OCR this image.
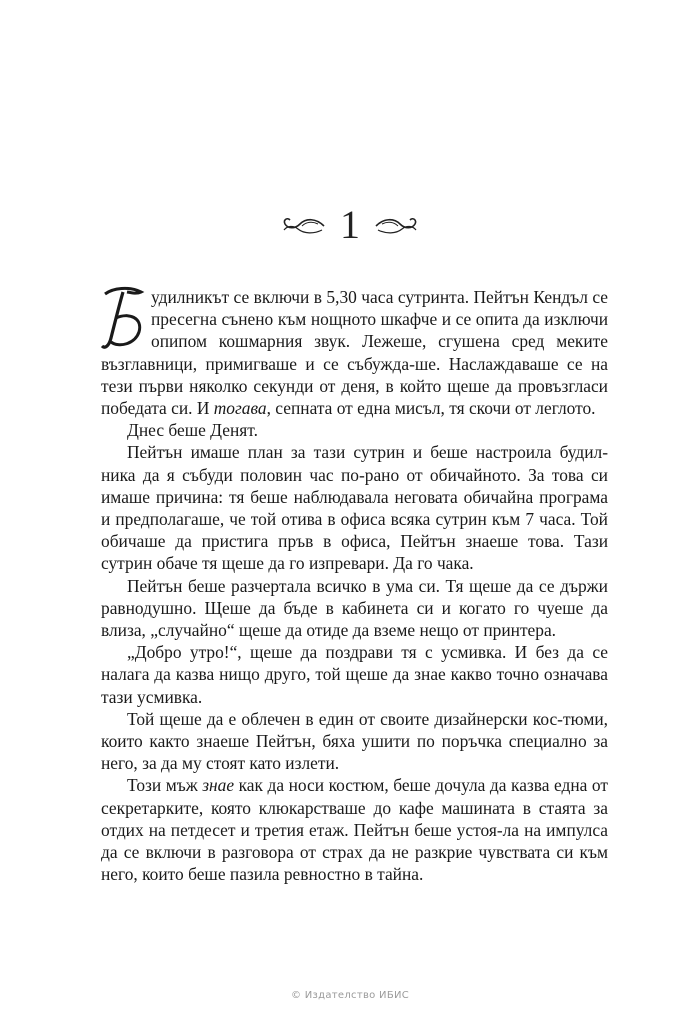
1

удилникът се включи в 5,30 часа сутринта. Пейтън Кендъл се пресегна сънено към нощното шкафче и се опита да изключи опипом кошмарния звук. Лежеше, сгушена сред меките възглавници, примигваше и се събужда-ше. Наслаждаваше се на тези първи няколко секунди от деня, в който щеше да провъзгласи победата си. И тогава, сепната от една мисъл, тя скочи от леглото.

Днес беше Денят.

Пейтън имаше план за тази сутрин и беше настроила будил-ника да я събуди половин час по-рано от обичайното. За това си имаше причина: тя беше наблюдавала неговата обичайна програма и предполагаше, че той отива в офиса всяка сутрин към 7 часа. Той обичаше да пристига пръв в офиса, Пейтън знаеше това. Тази сутрин обаче тя щеше да го изпревари. Да го чака.

Пейтън беше разчертала всичко в ума си. Тя щеше да се държи равнодушно. Щеше да бъде в кабинета си и когато го чуеше да влиза, „случайно“ щеше да отиде да вземе нещо от принтера.

„Добро утро!“, щеше да поздрави тя с усмивка. И без да се налага да казва нищо друго, той щеше да знае какво точно означава тази усмивка.

Той щеше да е облечен в един от своите дизайнерски кос-тюми, които както знаеше Пейтън, бяха ушити по поръчка специално за него, за да му стоят като излети.

Този мъж знае как да носи костюм, беше дочула да казва една от секретарките, която клюкарстваше до кафе машината в стаята за отдих на петдесет и третия етаж. Пейтън беше устоя-ла на импулса да се включи в разговора от страх да не разкрие чувствата си към него, които беше пазила ревностно в тайна.

© Издателство ИБИС
